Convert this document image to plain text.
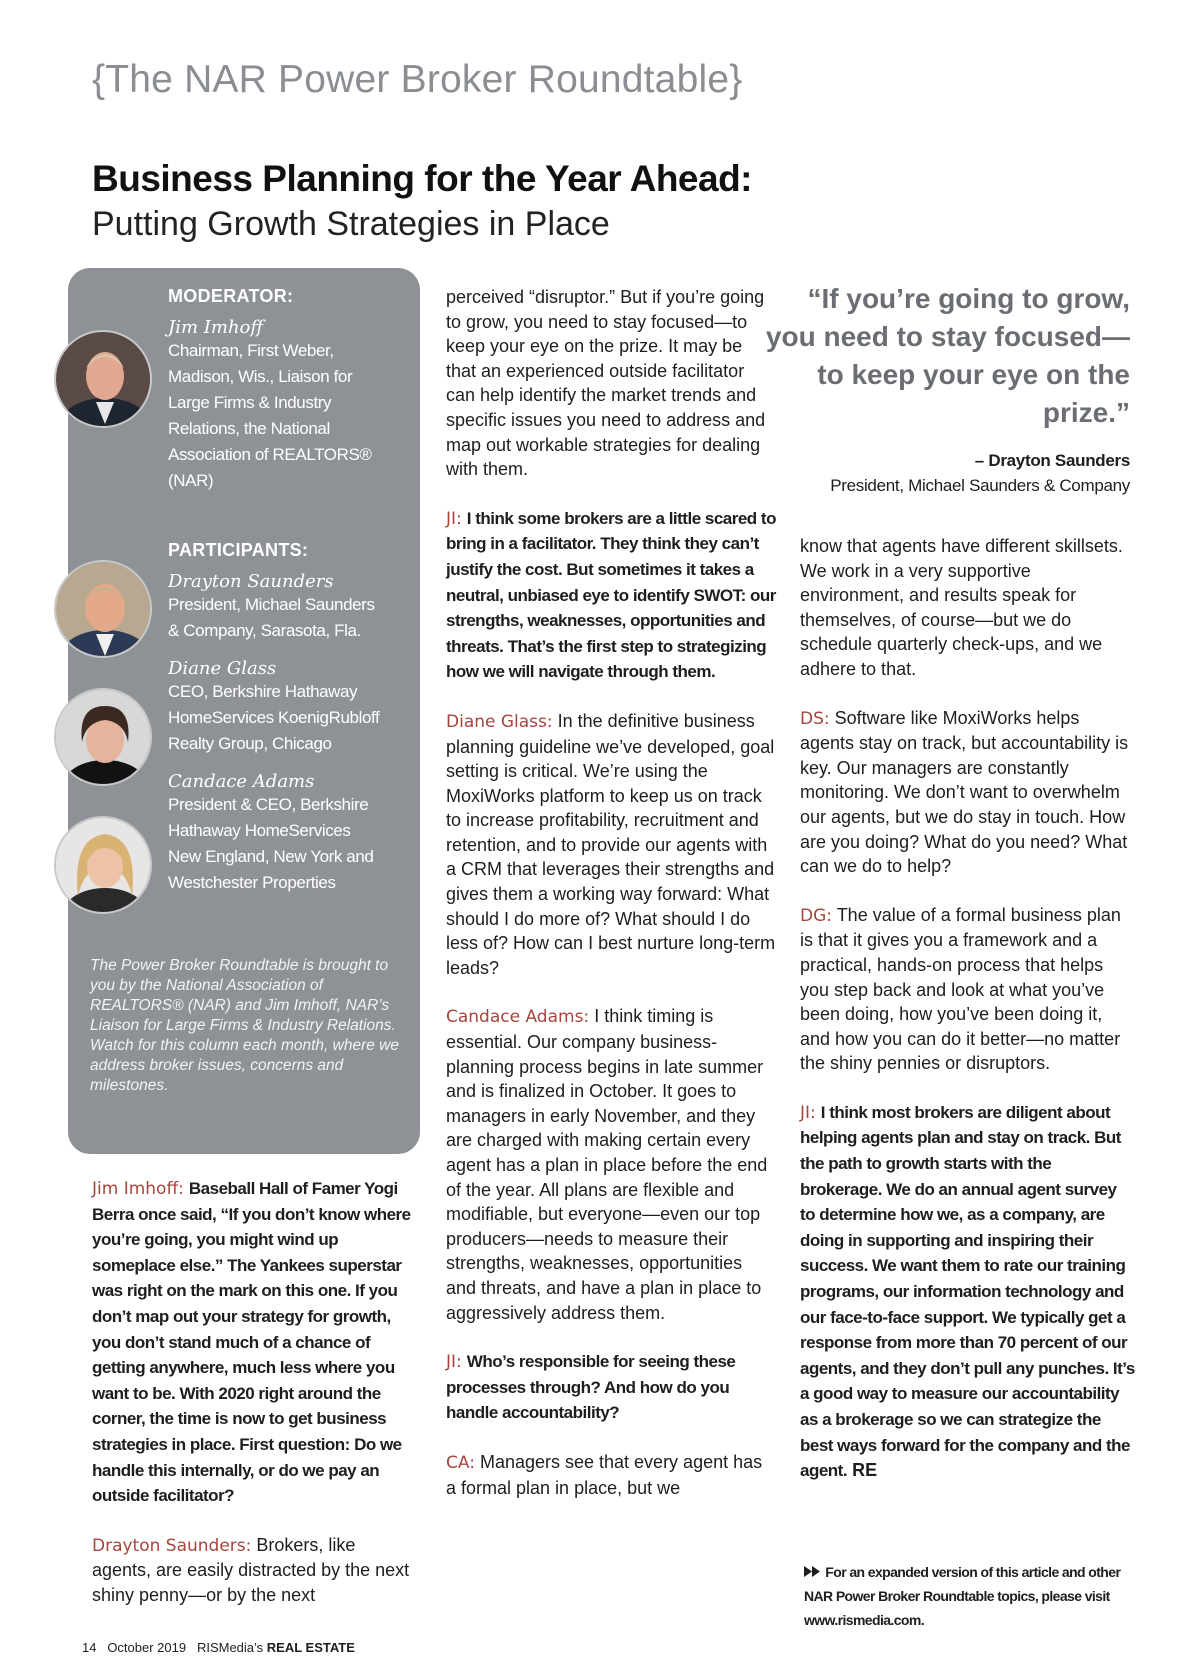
{The NAR Power Broker Roundtable}
Business Planning for the Year Ahead:
Putting Growth Strategies in Place
MODERATOR:
Jim Imhoff
Chairman, First Weber,
Madison, Wis., Liaison for
Large Firms & Industry
Relations, the National
Association of REALTORS®
(NAR)
PARTICIPANTS:
Drayton Saunders
President, Michael Saunders
& Company, Sarasota, Fla.
Diane Glass
CEO, Berkshire Hathaway
HomeServices KoenigRubloff
Realty Group, Chicago
Candace Adams
President & CEO, Berkshire
Hathaway HomeServices
New England, New York and
Westchester Properties
The Power Broker Roundtable is brought to you by the National Association of REALTORS® (NAR) and Jim Imhoff, NAR’s Liaison for Large Firms & Industry Relations. Watch for this column each month, where we address broker issues, concerns and milestones.

Jim Imhoff: Baseball Hall of Famer Yogi Berra once said, “If you don’t know where you’re going, you might wind up someplace else.” The Yankees superstar was right on the mark on this one. If you don’t map out your strategy for growth, you don’t stand much of a chance of getting anywhere, much less where you want to be. With 2020 right around the corner, the time is now to get business strategies in place. First question: Do we handle this internally, or do we pay an outside facilitator?

Drayton Saunders: Brokers, like agents, are easily distracted by the next shiny penny—or by the next

perceived “disruptor.” But if you’re going to grow, you need to stay focused—to keep your eye on the prize. It may be that an experienced outside facilitator can help identify the market trends and specific issues you need to address and map out workable strategies for dealing with them.

JI: I think some brokers are a little scared to bring in a facilitator. They think they can’t justify the cost. But sometimes it takes a neutral, unbiased eye to identify SWOT: our strengths, weaknesses, opportunities and threats. That’s the first step to strategizing how we will navigate through them.

Diane Glass: In the definitive business planning guideline we’ve developed, goal setting is critical. We’re using the MoxiWorks platform to keep us on track to increase profitability, recruitment and retention, and to provide our agents with a CRM that leverages their strengths and gives them a working way forward: What should I do more of? What should I do less of? How can I best nurture long-term leads?

Candace Adams: I think timing is essential. Our company business-planning process begins in late summer and is finalized in October. It goes to managers in early November, and they are charged with making certain every agent has a plan in place before the end of the year. All plans are flexible and modifiable, but everyone—even our top producers—needs to measure their strengths, weaknesses, opportunities and threats, and have a plan in place to aggressively address them.

JI: Who’s responsible for seeing these processes through? And how do you handle accountability?

CA: Managers see that every agent has a formal plan in place, but we

“If you’re going to grow, you need to stay focused—to keep your eye on the prize.”
– Drayton Saunders
President, Michael Saunders & Company

know that agents have different skillsets. We work in a very supportive environment, and results speak for themselves, of course—but we do schedule quarterly check-ups, and we adhere to that.

DS: Software like MoxiWorks helps agents stay on track, but accountability is key. Our managers are constantly monitoring. We don’t want to overwhelm our agents, but we do stay in touch. How are you doing? What do you need? What can we do to help?

DG: The value of a formal business plan is that it gives you a framework and a practical, hands-on process that helps you step back and look at what you’ve been doing, how you’ve been doing it, and how you can do it better—no matter the shiny pennies or disruptors.

JI: I think most brokers are diligent about helping agents plan and stay on track. But the path to growth starts with the brokerage. We do an annual agent survey to determine how we, as a company, are doing in supporting and inspiring their success. We want them to rate our training programs, our information technology and our face-to-face support. We typically get a response from more than 70 percent of our agents, and they don’t pull any punches. It’s a good way to measure our accountability as a brokerage so we can strategize the best ways forward for the company and the agent. RE

For an expanded version of this article and other NAR Power Broker Roundtable topics, please visit www.rismedia.com.
14 October 2019 RISMedia’s REAL ESTATE
